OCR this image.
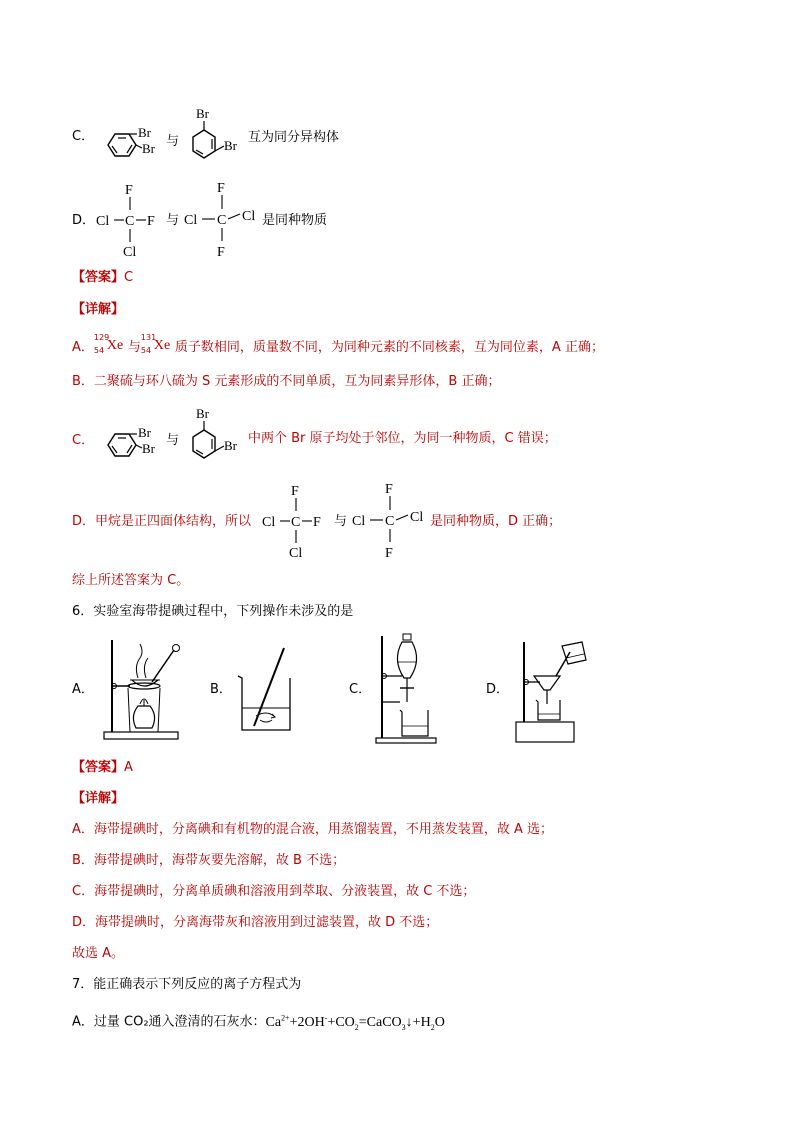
C．	Br
Br 与
Br
Br
互为同分异构体
D．
F
Cl C F
Cl
与
F
Cl C Cl
F
是同种物质
【答案】C
【详解】
A．
129
54 Xe 与
131
54 Xe 质子数相同，质量数不同，为同种元素的不同核素，互为同位素，A 正确；
B．二聚硫与环八硫为 S 元素形成的不同单质，互为同素异形体，B 正确；
C．
Br
Br
与
Br
Br 中两个 Br 原子均处于邻位，为同一种物质，C 错误；
D．甲烷是正四面体结构，所以
F
Cl C F
Cl
与
F
Cl C Cl
F
是同种物质，D 正确；
综上所述答案为 C。
6．实验室海带提碘过程中，下列操作未涉及的是
A．	B．	C．	D．
【答案】A
【详解】
A．海带提碘时，分离碘和有机物的混合液，用蒸馏装置，不用蒸发装置，故 A 选；
B．海带提碘时，海带灰要先溶解，故 B 不选；
C．海带提碘时，分离单质碘和溶液用到萃取、分液装置，故 C 不选；
D．海带提碘时，分离海带灰和溶液用到过滤装置，故 D 不选；
故选 A。
7．能正确表示下列反应的离子方程式为
A．过量 CO₂通入澄清的石灰水：$Ca^{2+}+2OH^-+CO_2=CaCO_3↓+H_2O$
